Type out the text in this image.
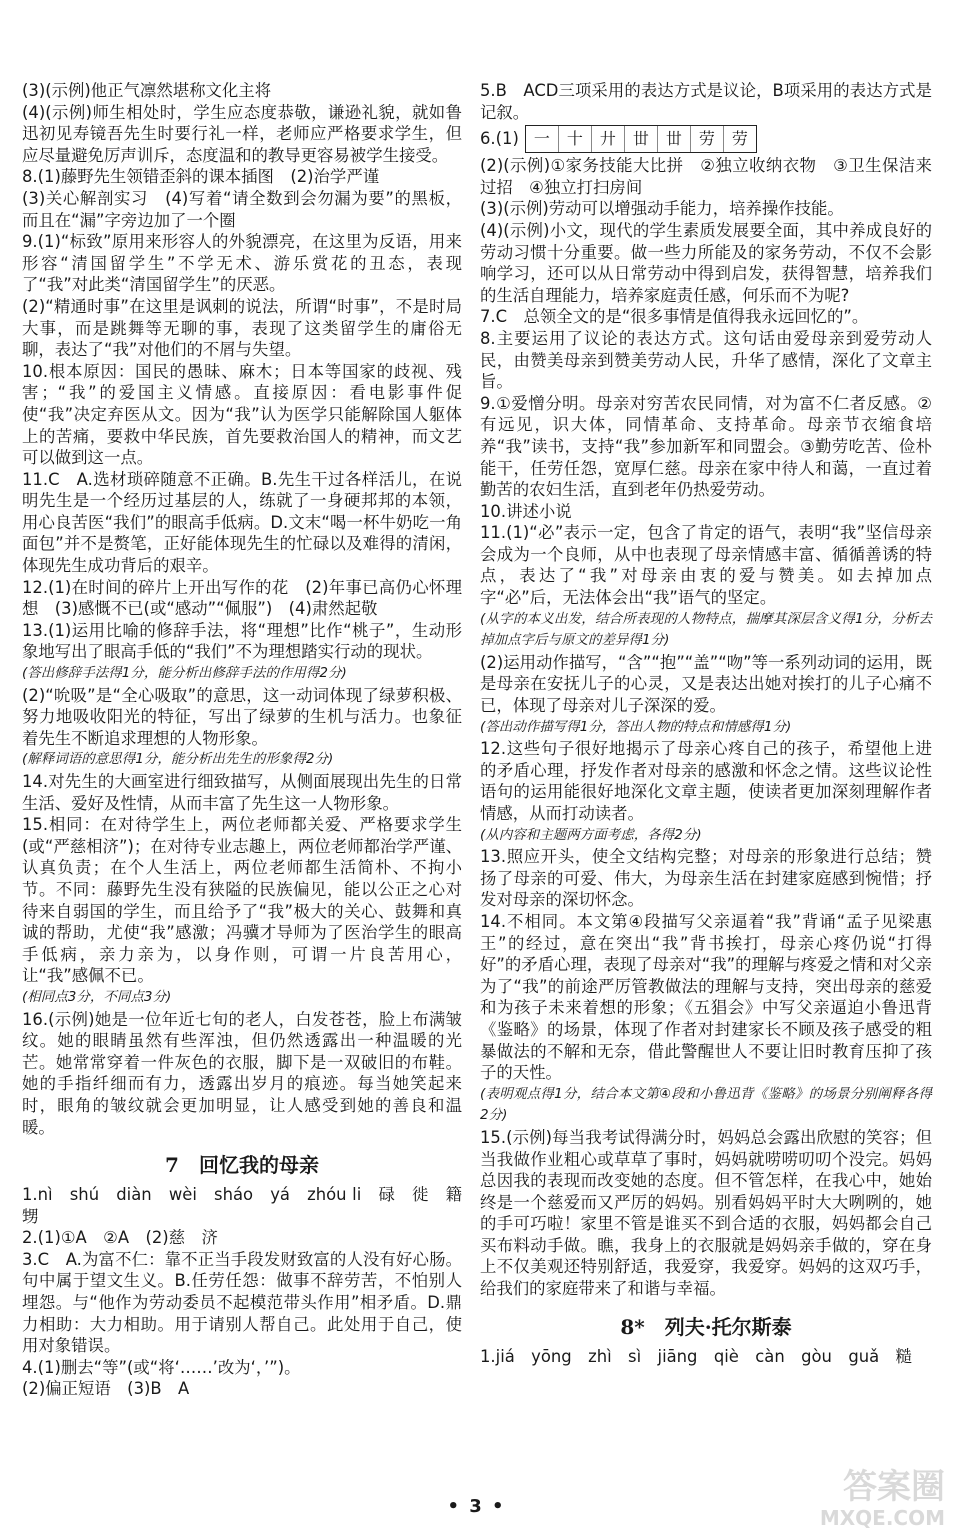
(3)(示例)他正气凛然堪称文化主将

(4)(示例)师生相处时，学生应态度恭敬，谦逊礼貌，就如鲁迅初见寿镜吾先生时要行礼一样，老师应严格要求学生，但应尽量避免厉声训斥，态度温和的教导更容易被学生接受。

8.(1)藤野先生领错歪斜的课本插图　(2)治学严谨

(3)关心解剖实习　(4)写着“请全数到会勿漏为要”的黑板，而且在“漏”字旁边加了一个圈

9.(1)“标致”原用来形容人的外貌漂亮，在这里为反语，用来形容“清国留学生”不学无术、游乐赏花的丑态，表现了“我”对此类“清国留学生”的厌恶。

(2)“精通时事”在这里是讽刺的说法，所谓“时事”，不是时局大事，而是跳舞等无聊的事，表现了这类留学生的庸俗无聊，表达了“我”对他们的不屑与失望。

10.根本原因：国民的愚昧、麻木；日本等国家的歧视、残害；“我”的爱国主义情感。直接原因：看电影事件促使“我”决定弃医从文。因为“我”认为医学只能解除国人躯体上的苦痛，要救中华民族，首先要救治国人的精神，而文艺可以做到这一点。

11.C　A.选材琐碎随意不正确。B.先生干过各样活儿，在说明先生是一个经历过基层的人，练就了一身硬邦邦的本领，用心良苦医“我们”的眼高手低病。D.文末“喝一杯牛奶吃一角面包”并不是赘笔，正好能体现先生的忙碌以及难得的清闲，体现先生成功背后的艰辛。

12.(1)在时间的碎片上开出写作的花　(2)年事已高仍心怀理想　(3)感慨不已(或“感动”“佩服”)　(4)肃然起敬

13.(1)运用比喻的修辞手法，将“理想”比作“桃子”，生动形象地写出了眼高手低的“我们”不为理想踏实行动的现状。

(答出修辞手法得1分，能分析出修辞手法的作用得2分)

(2)“吮吸”是“全心吸取”的意思，这一动词体现了绿萝积极、努力地吸收阳光的特征，写出了绿萝的生机与活力。也象征着先生不断追求理想的人物形象。

(解释词语的意思得1分，能分析出先生的形象得2分)

14.对先生的大画室进行细致描写，从侧面展现出先生的日常生活、爱好及性情，从而丰富了先生这一人物形象。

15.相同：在对待学生上，两位老师都关爱、严格要求学生(或“严慈相济”)；在对待专业志趣上，两位老师都治学严谨、认真负责；在个人生活上，两位老师都生活简朴、不拘小节。不同：藤野先生没有狭隘的民族偏见，能以公正之心对待来自弱国的学生，而且给予了“我”极大的关心、鼓舞和真诚的帮助，尤使“我”感激；冯骥才导师为了医治学生的眼高手低病，亲力亲为，以身作则，可谓一片良苦用心，让“我”感佩不已。

(相同点3分，不同点3分)

16.(示例)她是一位年近七旬的老人，白发苍苍，脸上布满皱纹。她的眼睛虽然有些浑浊，但仍然透露出一种温暖的光芒。她常常穿着一件灰色的衣服，脚下是一双破旧的布鞋。她的手指纤细而有力，透露出岁月的痕迹。每当她笑起来时，眼角的皱纹就会更加明显，让人感受到她的善良和温暖。

7　回忆我的母亲

1.nì　shú　diàn　wèi　sháo　yá　zhóu li　碌　徙　籍　甥

2.(1)①A　②A　(2)慈　济

3.C　A.为富不仁：靠不正当手段发财致富的人没有好心肠。句中属于望文生义。B.任劳任怨：做事不辞劳苦，不怕别人埋怨。与“他作为劳动委员不起模范带头作用”相矛盾。D.鼎力相助：大力相助。用于请别人帮自己。此处用于自己，使用对象错误。

4.(1)删去“等”(或“将‘……’改为‘，’”)。

(2)偏正短语　(3)B　A

5.B　ACD三项采用的表达方式是议论，B项采用的表达方式是记叙。

6.(1) 一	十	廾	丗	丗	劳	劳

(2)(示例)①家务技能大比拼　②独立收纳衣物　③卫生保洁来过招　④独立打扫房间

(3)(示例)劳动可以增强动手能力，培养操作技能。

(4)(示例)小文，现代的学生素质发展要全面，其中养成良好的劳动习惯十分重要。做一些力所能及的家务劳动，不仅不会影响学习，还可以从日常劳动中得到启发，获得智慧，培养我们的生活自理能力，培养家庭责任感，何乐而不为呢?

7.C　总领全文的是“很多事情是值得我永远回忆的”。

8.主要运用了议论的表达方式。这句话由爱母亲到爱劳动人民，由赞美母亲到赞美劳动人民，升华了感情，深化了文章主旨。

9.①爱憎分明。母亲对穷苦农民同情，对为富不仁者反感。②有远见，识大体，同情革命、支持革命。母亲节衣缩食培养“我”读书，支持“我”参加新军和同盟会。③勤劳吃苦、俭朴能干，任劳任怨，宽厚仁慈。母亲在家中待人和蔼，一直过着勤苦的农妇生活，直到老年仍热爱劳动。

10.讲述小说

11.(1)“必”表示一定，包含了肯定的语气，表明“我”坚信母亲会成为一个良师，从中也表现了母亲情感丰富、循循善诱的特点，表达了“我”对母亲由衷的爱与赞美。如去掉加点字“必”后，无法体会出“我”语气的坚定。

(从字的本义出发，结合所表现的人物特点，揣摩其深层含义得1分，分析去掉加点字后与原文的差异得1分)

(2)运用动作描写，“含”“抱”“盖”“吻”等一系列动词的运用，既是母亲在安抚儿子的心灵，又是表达出她对挨打的儿子心痛不已，体现了母亲对儿子深深的爱。

(答出动作描写得1分，答出人物的特点和情感得1分)

12.这些句子很好地揭示了母亲心疼自己的孩子，希望他上进的矛盾心理，抒发作者对母亲的感激和怀念之情。这些议论性语句的运用能很好地深化文章主题，使读者更加深刻理解作者情感，从而打动读者。

(从内容和主题两方面考虑，各得2分)

13.照应开头，使全文结构完整；对母亲的形象进行总结；赞扬了母亲的可爱、伟大，为母亲生活在封建家庭感到惋惜；抒发对母亲的深切怀念。

14.不相同。本文第④段描写父亲逼着“我”背诵“孟子见梁惠王”的经过，意在突出“我”背书挨打，母亲心疼仍说“打得好”的矛盾心理，表现了母亲对“我”的理解与疼爱之情和对父亲为了“我”的前途严厉管教做法的理解与支持，突出母亲的慈爱和为孩子未来着想的形象；《五猖会》中写父亲逼迫小鲁迅背《鉴略》的场景，体现了作者对封建家长不顾及孩子感受的粗暴做法的不解和无奈，借此警醒世人不要让旧时教育压抑了孩子的天性。

(表明观点得1分，结合本文第④段和小鲁迅背《鉴略》的场景分别阐释各得2分)

15.(示例)每当我考试得满分时，妈妈总会露出欣慰的笑容；但当我做作业粗心或草草了事时，妈妈就唠唠叨叨个没完。妈妈总因我的表现而改变她的态度。但不管怎样，在我心中，她始终是一个慈爱而又严厉的妈妈。别看妈妈平时大大咧咧的，她的手可巧啦！家里不管是谁买不到合适的衣服，妈妈都会自己买布料动手做。瞧，我身上的衣服就是妈妈亲手做的，穿在身上不仅美观还特别舒适，我爱穿，我爱穿。妈妈的这双巧手，给我们的家庭带来了和谐与幸福。

8*　列夫·托尔斯泰

1.jiá　yōng　zhì　sì　jiāng　qiè　càn　gòu　guǎ　糙

• 3 •	答案圈
MXQE.COM
